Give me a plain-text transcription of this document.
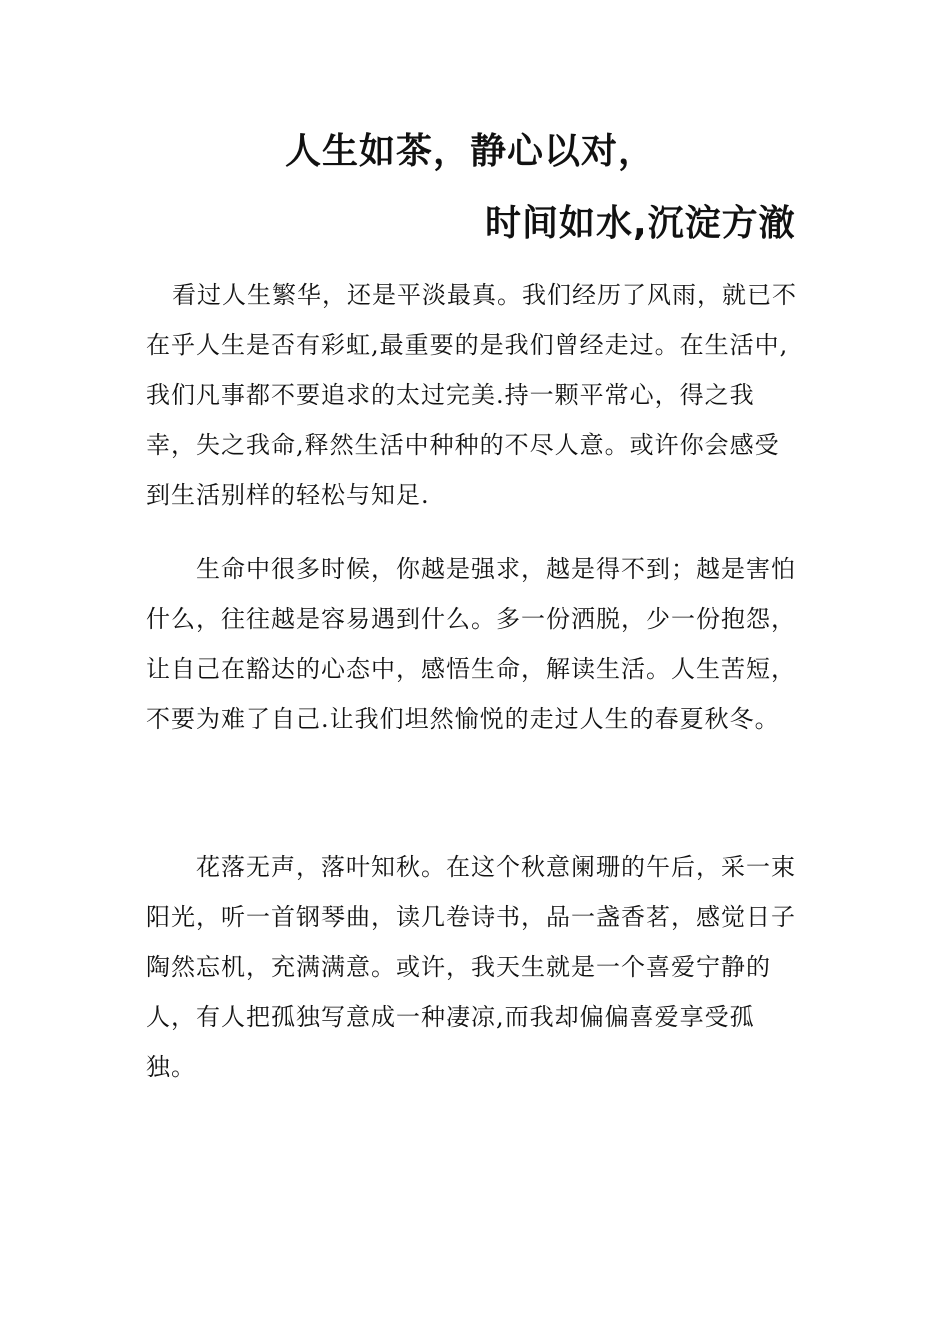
人生如茶，静心以对，
时间如水,沉淀方澈

看过人生繁华，还是平淡最真。我们经历了风雨，就已不在乎人生是否有彩虹,最重要的是我们曾经走过。在生活中,我们凡事都不要追求的太过完美.持一颗平常心，得之我幸，失之我命,释然生活中种种的不尽人意。或许你会感受到生活别样的轻松与知足.

生命中很多时候，你越是强求，越是得不到；越是害怕什么，往往越是容易遇到什么。多一份洒脱，少一份抱怨，让自己在豁达的心态中，感悟生命，解读生活。人生苦短，不要为难了自己.让我们坦然愉悦的走过人生的春夏秋冬。

花落无声，落叶知秋。在这个秋意阑珊的午后，采一束阳光，听一首钢琴曲，读几卷诗书，品一盏香茗，感觉日子陶然忘机，充满满意。或许，我天生就是一个喜爱宁静的人，有人把孤独写意成一种凄凉,而我却偏偏喜爱享受孤独。
